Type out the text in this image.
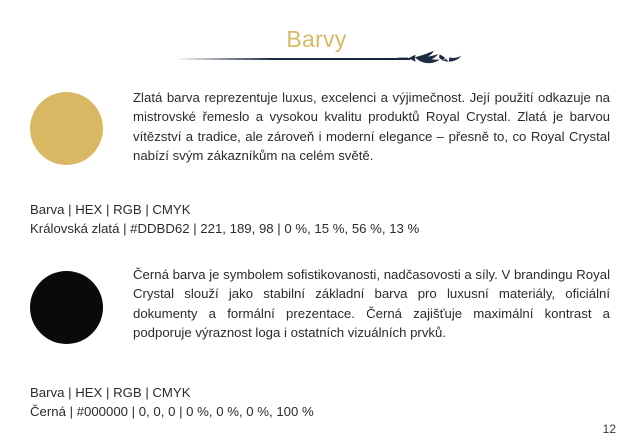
Barvy
Zlatá barva reprezentuje luxus, excelenci a výjimečnost. Její použití odkazuje na mistrovské řemeslo a vysokou kvalitu produktů Royal Crystal. Zlatá je barvou vítězství a tradice, ale zároveň i moderní elegance – přesně to, co Royal Crystal nabízí svým zákazníkům na celém světě.
Barva | HEX | RGB | CMYK
Královská zlatá | #DDBD62 | 221, 189, 98 | 0 %, 15 %, 56 %, 13 %
Černá barva je symbolem sofistikovanosti, nadčasovosti a síly. V brandingu Royal Crystal slouží jako stabilní základní barva pro luxusní materiály, oficiální dokumenty a formální prezentace. Černá zajišťuje maximální kontrast a podporuje výraznost loga i ostatních vizuálních prvků.
Barva | HEX | RGB | CMYK
Černá | #000000 | 0, 0, 0 | 0 %, 0 %, 0 %, 100 %
12
